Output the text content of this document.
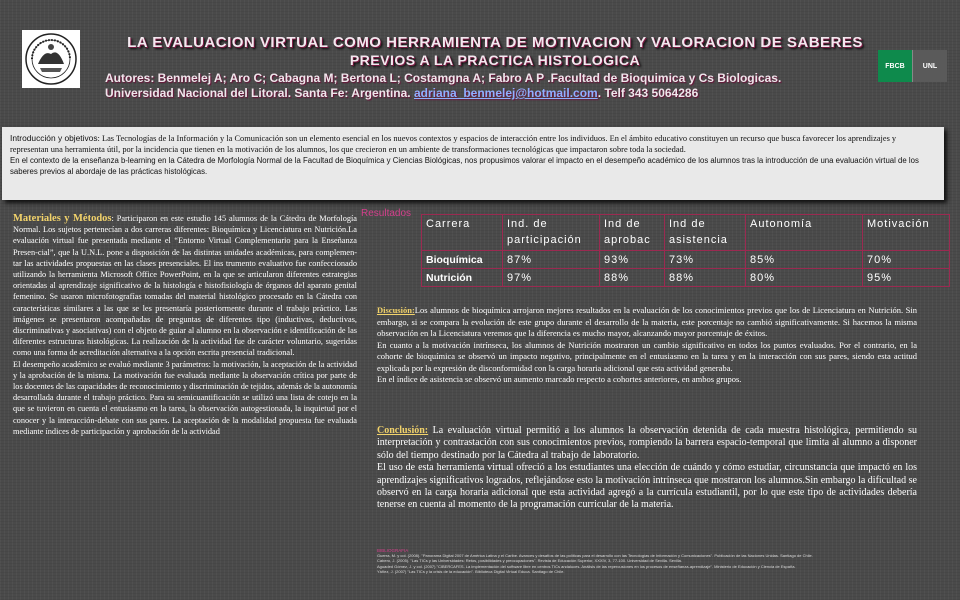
LA EVALUACION VIRTUAL COMO HERRAMIENTA DE MOTIVACION Y VALORACION DE SABERES
PREVIOS A LA PRACTICA HISTOLOGICA
Autores: Benmelej A; Aro C; Cabagna M; Bertona L; Costamgna A; Fabro A P .Facultad de Bioquimica y Cs Biologicas.
Universidad Nacional del Litoral. Santa Fe: Argentina. adriana_benmelej@hotmail.com. Telf 343 5064286
FBCB	UNL
Introducción y objetivos: Las Tecnologías de la Información y la Comunicación son un elemento esencial en los nuevos contextos y espacios de interacción entre los individuos. En el ámbito educativo constituyen un recurso que busca favorecer los aprendizajes y representan una herramienta útil, por la incidencia que tienen en la motivación de los alumnos, los que crecieron en un ambiente de transformaciones tecnológicas que impactaron sobre toda la sociedad.
En el contexto de la enseñanza b-learning en la Cátedra de Morfología Normal de la Facultad de Bioquímica y Ciencias Biológicas, nos propusimos valorar el impacto en el desempeño académico de los alumnos tras la introducción de una evaluación virtual de los saberes previos al abordaje de las prácticas histológicas.
Materiales y Métodos: Participaron en este estudio 145 alumnos de la Cátedra de Morfología Normal. Los sujetos pertenecían a dos carreras diferentes: Bioquímica y Licenciatura en Nutrición.La evaluación virtual fue presentada mediante el “Entorno Virtual Complementario para la Enseñanza Presen-cial”, que la U.N.L. pone a disposición de las distintas unidades académicas, para complemen-tar las actividades propuestas en las clases presenciales. El ins trumento evaluativo fue confeccionado utilizando la herramienta Microsoft Office PowerPoint, en la que se articularon diferentes estrategias orientadas al aprendizaje significativo de la histología e histofisiología de órganos del aparato genital femenino. Se usaron microfotografías tomadas del material histológico procesado en la Cátedra con características similares a las que se les presentaría posteriormente durante el trabajo práctico. Las imágenes se presentaron acompañadas de preguntas de diferentes tipo (inductivas, deductivas, discriminativas y asociativas) con el objeto de guiar al alumno en la observación e identificación de las diferentes estructuras histológicas. La realización de la actividad fue de carácter voluntario, sugeridas como una forma de acreditación alternativa a la opción escrita presencial tradicional.
El desempeño académico se evaluó mediante 3 parámetros: la motivación, la aceptación de la actividad y la aprobación de la misma. La motivación fue evaluada mediante la observación crítica por parte de los docentes de las capacidades de reconocimiento y discriminación de tejidos, además de la autonomía desarrollada durante el trabajo práctico. Para su semicuantificación se utilizó una lista de cotejo en la que se tuvieron en cuenta el entusiasmo en la tarea, la observación autogestionada, la inquietud por el conocer y la interacción-debate con sus pares. La aceptación de la modalidad propuesta fue evaluada mediante índices de participación y aprobación de la actividad
Resultados
Carrera	Ind. de participación	Ind de aprobac	Ind de asistencia	Autonomía	Motivación
Bioquímica	87%	93%	73%	85%	70%
Nutrición	97%	88%	88%	80%	95%
Discusión:Los alumnos de bioquímica arrojaron mejores resultados en la evaluación de los conocimientos previos que los de Licenciatura en Nutrición. Sin embargo, si se compara la evolución de este grupo durante el desarrollo de la materia, este porcentaje no cambió significativamente. Si hacemos la misma observación en la Licenciatura veremos que la diferencia es mucho mayor, alcanzando mayor porcentaje de éxitos.
En cuanto a la motivación intrínseca, los alumnos de Nutrición mostraron un cambio significativo en todos los puntos evaluados. Por el contrario, en la cohorte de bioquímica se observó un impacto negativo, principalmente en el entusiasmo en la tarea y en la interacción con sus pares, siendo esta actitud explicada por la expresión de disconformidad con la carga horaria adicional que esta actividad generaba.
En el índice de asistencia se observó un aumento marcado respecto a cohortes anteriores, en ambos grupos.
Conclusión: La evaluación virtual permitió a los alumnos la observación detenida de cada muestra histológica, permitiendo su interpretación y contrastación con sus conocimientos previos, rompiendo la barrera espacio-temporal que limita al alumno a disponer sólo del tiempo destinado por la Cátedra al trabajo de laboratorio.
El uso de esta herramienta virtual ofreció a los estudiantes una elección de cuándo y cómo estudiar, circunstancia que impactó en los aprendizajes significativos logrados, reflejándose esto la motivación intrínseca que mostraron los alumnos.Sin embargo la dificultad se observó en la carga horaria adicional que esta actividad agregó a la currícula estudiantil, por lo que este tipo de actividades debería tenerse en cuenta al momento de la programación curricular de la materia.
BIBLIOGRAFIA
Guerra, M. y col. (2008). "Panorama Digital 2007 de América Latina y el Caribe. Avances y desafíos de las políticas para el desarrollo con las Tecnologías de Información y Comunicaciones". Publicación de las Naciones Unidas. Santiago de Chile.
Cabero, J. (2005). "Las TICs y las Universidades: Retos, posibilidades y preocupaciones". Revista de Educación Superior, XXXIV, 3, 77-100. Universidad de Sevilla. Sevilla.
Aguaded Gómez, J. y col. (2007) "CIBERCAFES. La implementación del software libre en centros TICs andaluces. Análisis de las repercusiones en los procesos de enseñanza-aprendizaje". Ministerio de Educación y Ciencia de España.
Yáñez, J. (2007) "Las TICs y la crisis de la educación". Biblioteca Digital Virtual Educa. Santiago de Chile.
